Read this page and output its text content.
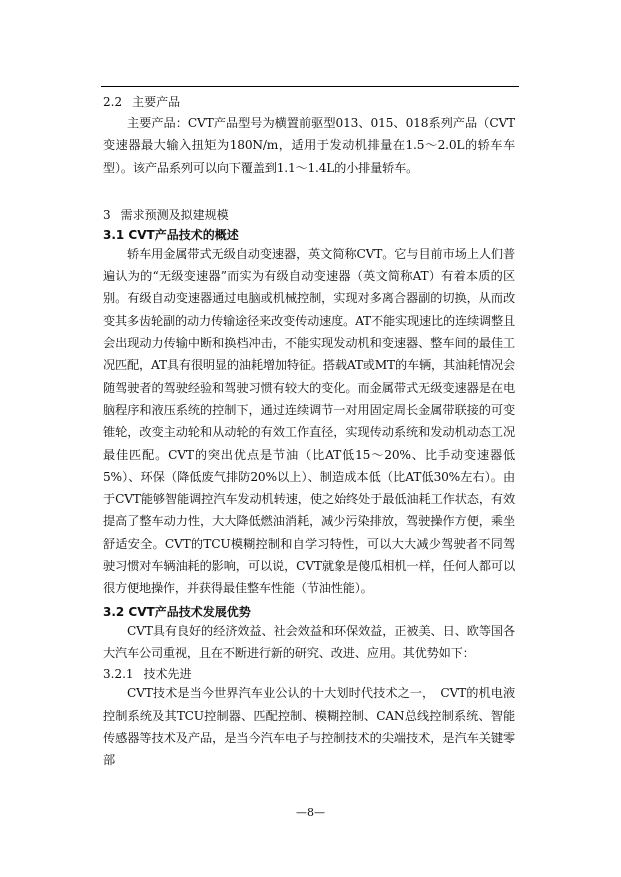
2.2 主要产品

主要产品：CVT产品型号为横置前驱型013、015、018系列产品（CVT变速器最大输入扭矩为180N/m，适用于发动机排量在1.5～2.0L的轿车车型）。该产品系列可以向下覆盖到1.1～1.4L的小排量轿车。

3 需求预测及拟建规模

3.1 CVT产品技术的概述

轿车用金属带式无级自动变速器，英文简称CVT。它与目前市场上人们普遍认为的“无级变速器”而实为有级自动变速器（英文简称AT）有着本质的区别。有级自动变速器通过电脑或机械控制，实现对多离合器副的切换，从而改变其多齿轮副的动力传输途径来改变传动速度。AT不能实现速比的连续调整且会出现动力传输中断和换档冲击，不能实现发动机和变速器、整车间的最佳工况匹配，AT具有很明显的油耗增加特征。搭载AT或MT的车辆，其油耗情况会随驾驶者的驾驶经验和驾驶习惯有较大的变化。而金属带式无级变速器是在电脑程序和液压系统的控制下，通过连续调节一对用固定周长金属带联接的可变锥轮，改变主动轮和从动轮的有效工作直径，实现传动系统和发动机动态工况最佳匹配。CVT的突出优点是节油（比AT低15～20%、比手动变速器低5%）、环保（降低废气排防20%以上）、制造成本低（比AT低30%左右）。由于CVT能够智能调控汽车发动机转速，使之始终处于最低油耗工作状态，有效提高了整车动力性，大大降低燃油消耗，减少污染排放，驾驶操作方便，乘坐舒适安全。CVT的TCU模糊控制和自学习特性，可以大大减少驾驶者不同驾驶习惯对车辆油耗的影响，可以说，CVT就象是傻瓜相机一样，任何人都可以很方便地操作，并获得最佳整车性能（节油性能）。

3.2 CVT产品技术发展优势

CVT具有良好的经济效益、社会效益和环保效益，正被美、日、欧等国各大汽车公司重视，且在不断进行新的研究、改进、应用。其优势如下：

3.2.1 技术先进

CVT技术是当今世界汽车业公认的十大划时代技术之一，　CVT的机电液控制系统及其TCU控制器、匹配控制、模糊控制、CAN总线控制系统、智能传感器等技术及产品，是当今汽车电子与控制技术的尖端技术，是汽车关键零部

—8—
